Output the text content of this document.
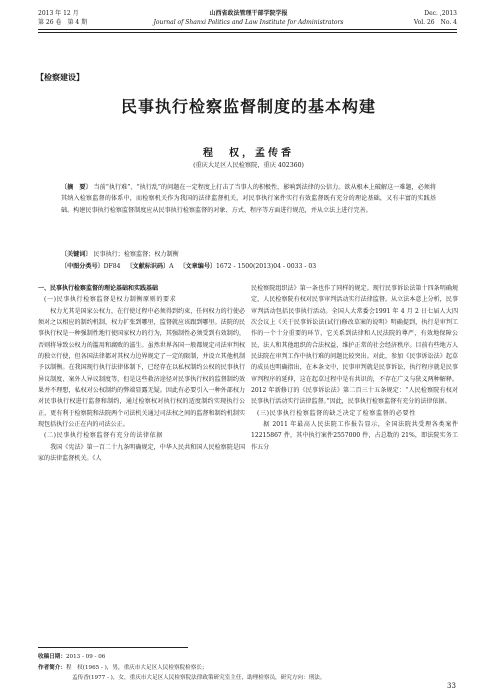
2013 年 12 月
第 26 卷　第 4 期
山西省政法管理干部学院学报
Journal of Shanxi Politics and Law Institute for Administrators
Dec. ,2013
Vol. 26　No. 4
【检察建设】
民事执行检察监督制度的基本构建
程　权，孟传香
(重庆大足区人民检察院，重庆 402360)
〔摘　要〕 当前“执行难”、“执行乱”的问题在一定程度上打击了当事人的积极性，影响到法律的公信力。欲从根本上破解这一难题，必须将其纳入检察监督的体系中，而检察机关作为我国的法律监督机关，对民事执行案件实行有效监督既有充分的理论基础，又有丰富的实践基础。构建民事执行检察监督制度应从民事执行检察监督的对象、方式、程序等方面进行规范，并从立法上进行完善。
〔关键词〕 民事执行；检察监督；权力制衡
〔中图分类号〕DF84 〔文献标识码〕A 〔文章编号〕1672 - 1500(2013)04 - 0033 - 03

一、民事执行检察监督的理论基础和实践基础

(一)民事执行检察监督是权力制衡原则的要求

权力尤其是国家公权力，在行使过程中必须得到约束，任何权力的行使必须对之以相应的制约机制，权力扩张到哪里，监督就应该跟到哪里。法院的民事执行权是一种强制性地行使国家权力的行为，其强制性必须受到有效制约，否则将导致公权力的滥用和腐败的滋生。虽然世界各国一般都规定司法审判权的独立行使，但各国法律都对其权力边界规定了一定的限制，并设立其他机制予以制衡。在我国现行执行法律体制下，已经存在以私权制约公权的民事执行异议制度、案外人异议制度等，但是这些救济途径对民事执行权的监督制约效果并不理想，私权对公权制约的弊端显露无疑。因此有必要引入一种外部权力对民事执行权进行监督和制约，通过检察权对执行权的适度制约实现执行公正，更有利于检察院和法院两个司法机关通过司法权之间的监督和制约机制实现包括执行公正在内的司法公正。

(二)民事执行检察监督有充分的法律依据

我国《宪法》第一百二十九条明确规定，中华人民共和国人民检察院是国家的法律监督机关。《人

民检察院组织法》第一条也作了同样的规定。现行民事诉讼法第十四条明确规定，人民检察院有权对民事审判活动实行法律监督。从立法本意上分析，民事审判活动包括民事执行活动。全国人大常委会1991 年 4 月 2 日七届人大四次会议上《关于民事诉讼法(试行)修改草案的说明》明确提到，执行是审判工作的一个十分重要的环节，它关系到法律和人民法院的尊严，有效地保障公民、法人和其他组织的合法权益，维护正常的社会经济秩序。目前有些地方人民法院在审判工作中执行难的问题比较突出。对此，参加《民事诉讼法》起草的成员也明确指出，在本条文中，民事审判就是民事诉讼，执行程序就是民事审判程序的延伸，这在起草过程中是有共识的，不存在广义与狭义两种解释。2012 年新修订的《民事诉讼法》第二百三十五条规定：“人民检察院有权对民事执行活动实行法律监督。”因此，民事执行检察监督有充分的法律依据。

(三)民事执行检察监督的缺乏决定了检察监督的必要性

据 2011 年最高人民法院工作报告显示，全国法院共受理各类案件 12215867 件，其中执行案件2557000 件，占总数的 21%，即法院实务工作五分

收稿日期：2013 - 09 - 06
作者简介：程　权(1965 - )，男，重庆市大足区人民检察院检察长；
孟传香(1977 - )，女，重庆市大足区人民检察院法律政策研究室主任，助理检察员，研究方向：刑法。
33
